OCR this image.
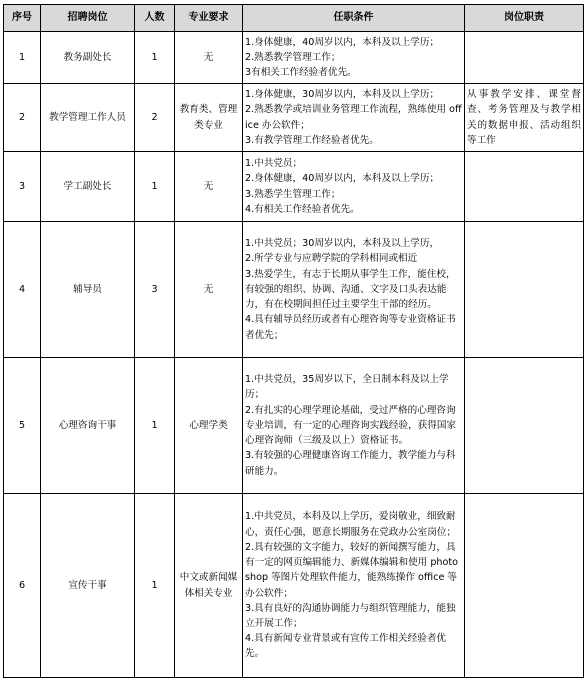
序号	招聘岗位	人数	专业要求	任职条件	岗位职责
1	教务副处长	1	无	1.身体健康，40周岁以内，本科及以上学历；
2.熟悉教学管理工作；
3有相关工作经验者优先。	

2	教学管理工作人员	2	教育类、管理类专业	1.身体健康，30周岁以内，本科及以上学历；
2.熟悉教学或培训业务管理工作流程，熟练使用 office 办公软件；
3.有教学管理工作经验者优先。	从事教学安排、课堂督查、考务管理及与教学相关的数据申报、活动组织等工作
3	学工副处长	1	无	1.中共党员；
2.身体健康，40周岁以内，本科及以上学历；
3.熟悉学生管理工作；
4.有相关工作经验者优先。	

4	辅导员	3	无	1.中共党员；30周岁以内，本科及以上学历，
2.所学专业与应聘学院的学科相同或相近
3.热爱学生，有志于长期从事学生工作，能住校，有较强的组织、协调、沟通、文字及口头表达能力，有在校期间担任过主要学生干部的经历。
4.具有辅导员经历或者有心理咨询等专业资格证书者优先；	

5	心理咨询干事	1	心理学类	1.中共党员，35周岁以下，全日制本科及以上学历；
2.有扎实的心理学理论基础，受过严格的心理咨询专业培训，有一定的心理咨询实践经验，获得国家心理咨询师（三级及以上）资格证书。
3.有较强的心理健康咨询工作能力，教学能力与科研能力。	

6	宣传干事	1	中文或新闻媒体相关专业	1.中共党员，本科及以上学历，爱岗敬业，细致耐心，责任心强，愿意长期服务在党政办公室岗位；
2.具有较强的文字能力，较好的新闻撰写能力，具有一定的网页编辑能力、新媒体编辑和使用 photoshop 等图片处理软件能力，能熟练操作 office 等办公软件；
3.具有良好的沟通协调能力与组织管理能力，能独立开展工作；
4.具有新闻专业背景或有宣传工作相关经验者优先。	
